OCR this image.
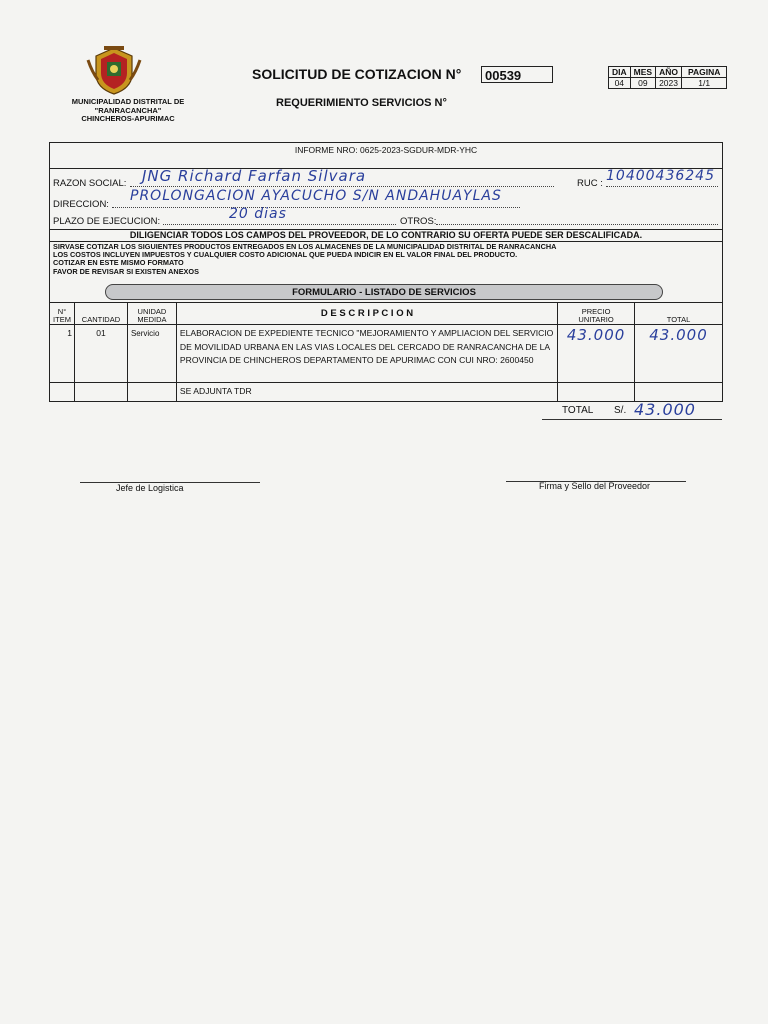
MUNICIPALIDAD DISTRITAL DE
"RANRACANCHA"
CHINCHEROS-APURIMAC
SOLICITUD DE COTIZACION N°	00539
REQUERIMIENTO SERVICIOS N°
DIA	MES	AÑO	PAGINA
04	09	2023	1/1
INFORME NRO: 0625-2023-SGDUR-MDR-YHC
RAZON SOCIAL: JNG Richard Farfan Silvara	RUC : 10400436245
DIRECCION:
PROLONGACION AYACUCHO S/N ANDAHUAYLAS
PLAZO DE EJECUCION:	20 dias	OTROS:
DILIGENCIAR TODOS LOS CAMPOS DEL PROVEEDOR, DE LO CONTRARIO SU OFERTA PUEDE SER DESCALIFICADA.
SIRVASE COTIZAR LOS SIGUIENTES PRODUCTOS ENTREGADOS EN LOS ALMACENES DE LA MUNICIPALIDAD DISTRITAL DE RANRACANCHA
LOS COSTOS INCLUYEN IMPUESTOS Y CUALQUIER COSTO ADICIONAL QUE PUEDA INDICIR EN EL VALOR FINAL DEL PRODUCTO.
COTIZAR EN ESTE MISMO FORMATO
FAVOR DE REVISAR SI EXISTEN ANEXOS
FORMULARIO - LISTADO DE SERVICIOS
N° ITEM	CANTIDAD	UNIDAD MEDIDA	D E S C R I P C I O N	PRECIO UNITARIO	TOTAL
1	01	Servicio	ELABORACION DE EXPEDIENTE TECNICO "MEJORAMIENTO Y AMPLIACION DEL SERVICIO DE MOVILIDAD URBANA EN LAS VIAS LOCALES DEL CERCADO DE RANRACANCHA DE LA PROVINCIA DE CHINCHEROS DEPARTAMENTO DE APURIMAC CON CUI NRO: 2600450	43.000	43.000
			SE ADJUNTA TDR		
TOTAL S/. 43.000
Jefe de Logistica	Firma y Sello del Proveedor
